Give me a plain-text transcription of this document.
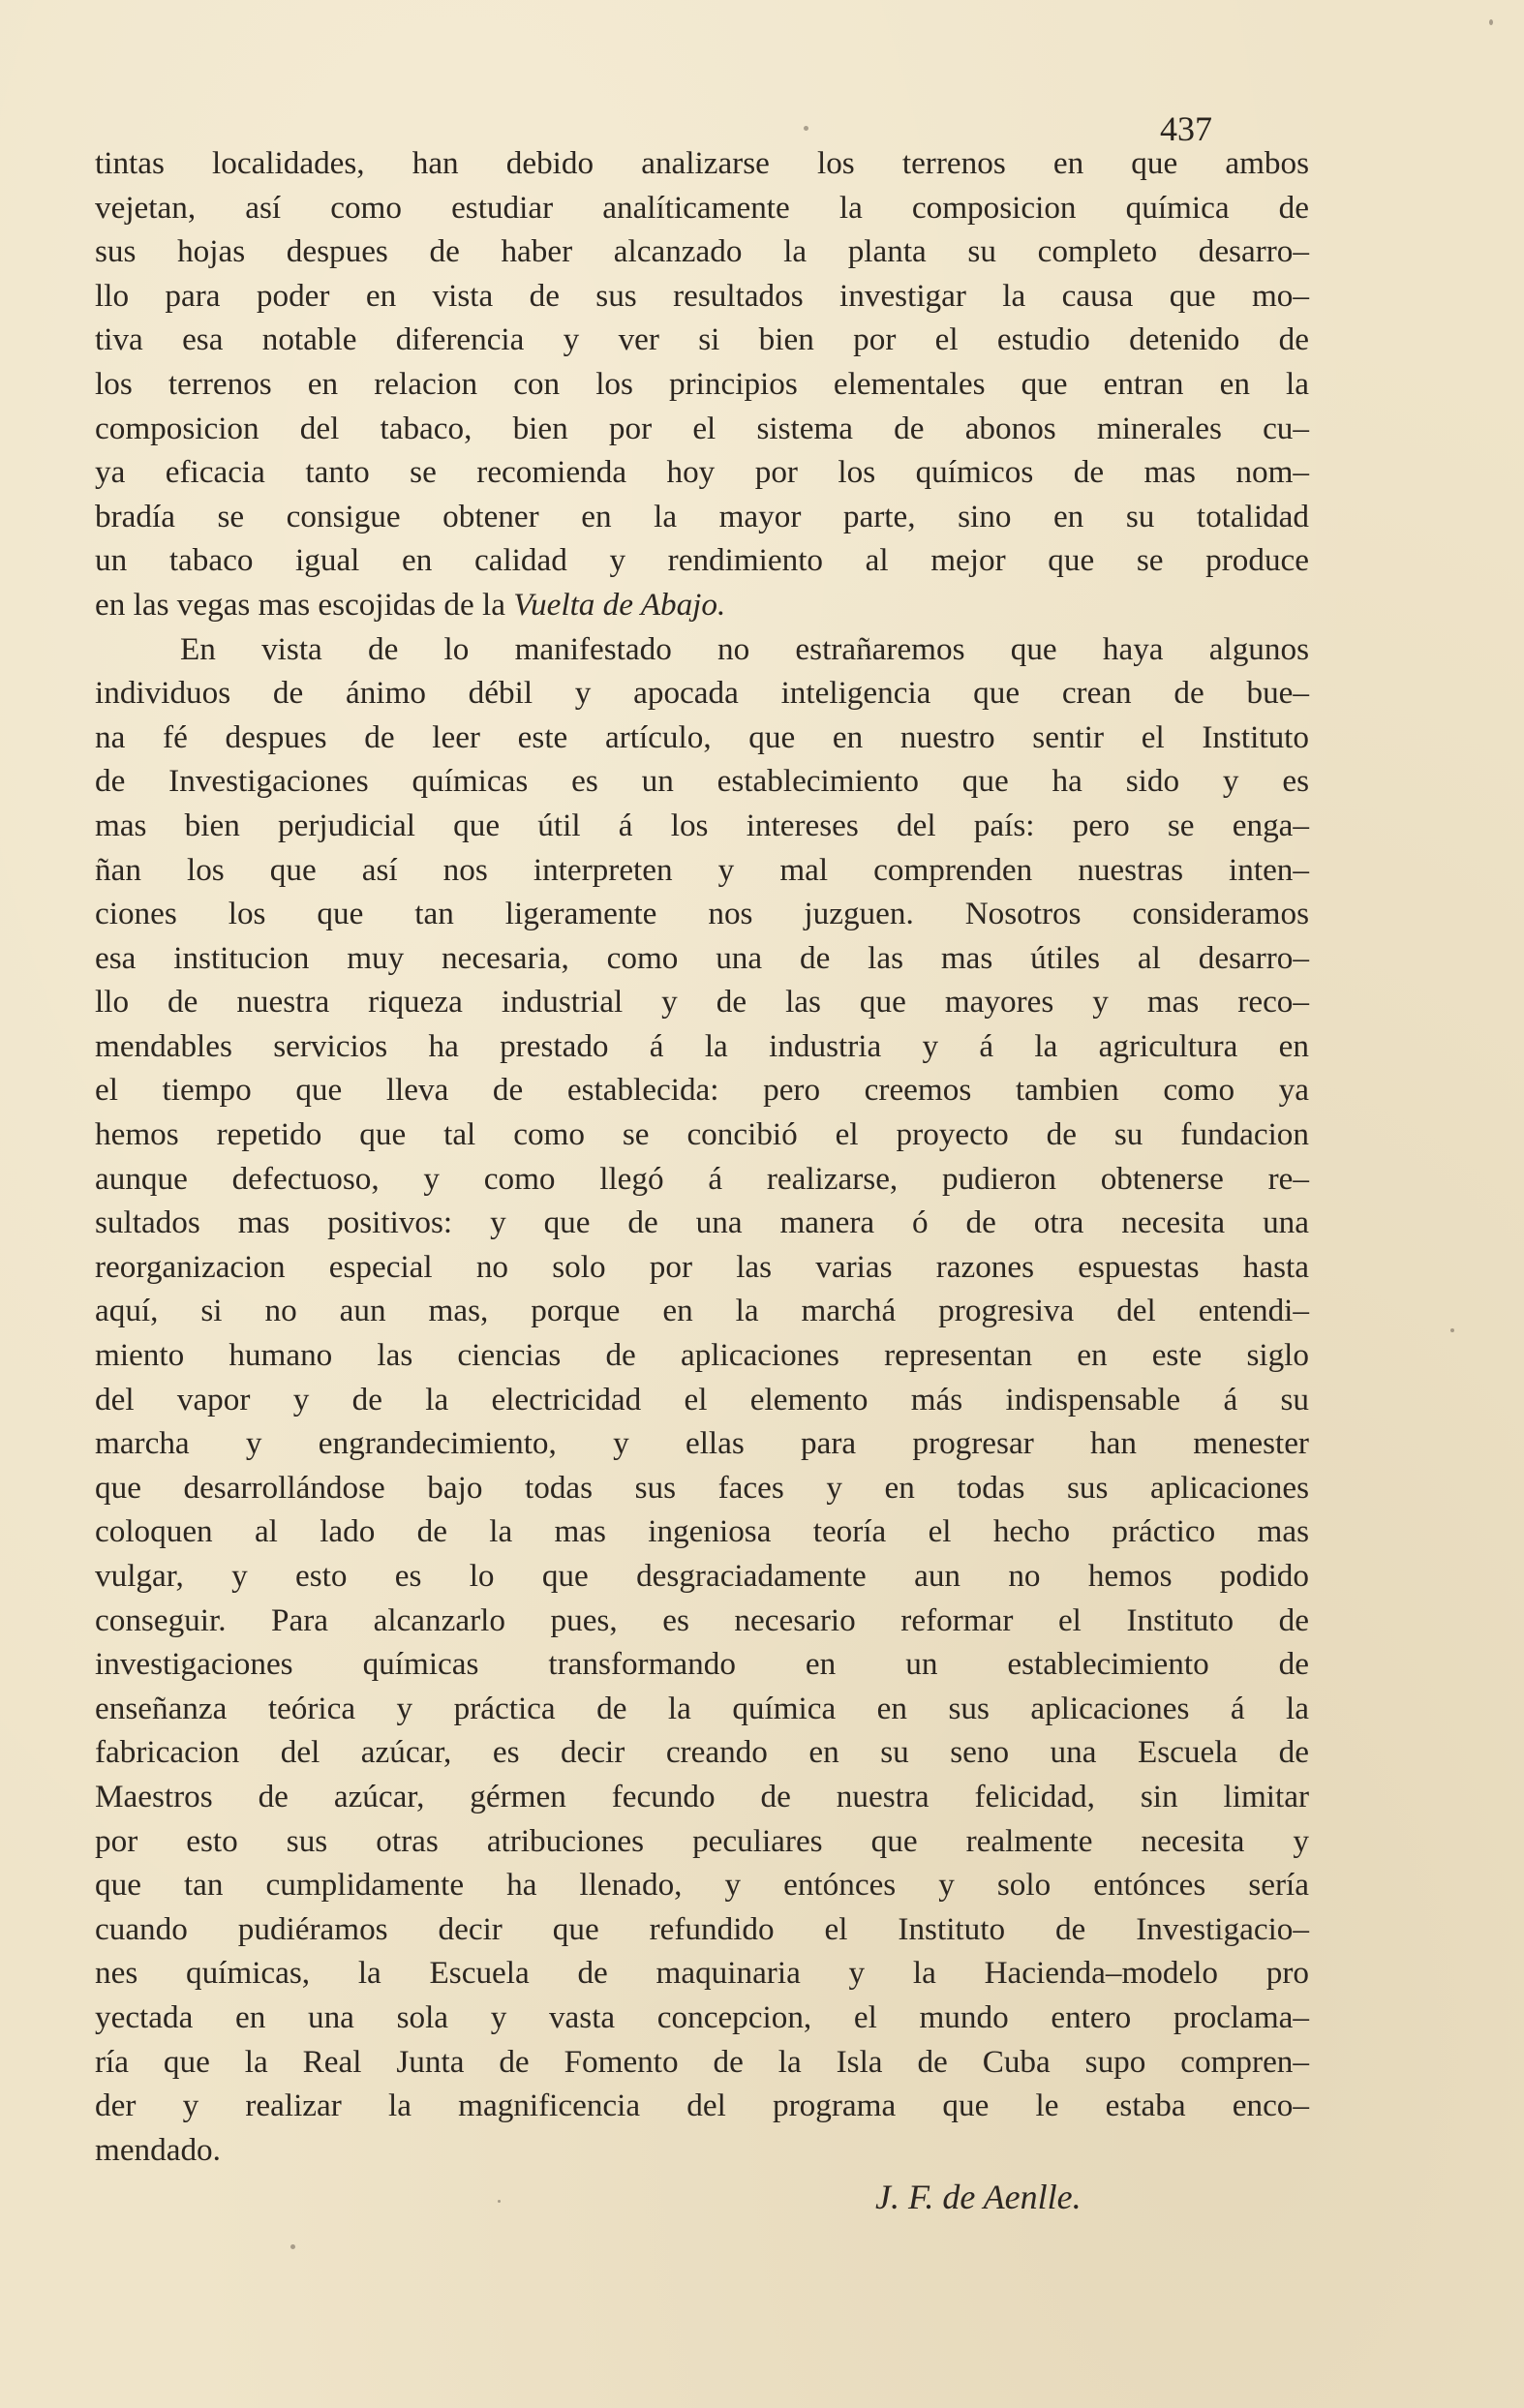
437
tintas localidades, han debido analizarse los terrenos en que ambos
vejetan, así como estudiar analíticamente la composicion química de
sus hojas despues de haber alcanzado la planta su completo desarro–
llo para poder en vista de sus resultados investigar la causa que mo–
tiva esa notable diferencia y ver si bien por el estudio detenido de
los terrenos en relacion con los principios elementales que entran en la
composicion del tabaco, bien por el sistema de abonos minerales cu–
ya eficacia tanto se recomienda hoy por los químicos de mas nom–
bradía se consigue obtener en la mayor parte, sino en su totalidad
un tabaco igual en calidad y rendimiento al mejor que se produce
en las vegas mas escojidas de la Vuelta de Abajo.
En vista de lo manifestado no estrañaremos que haya algunos
individuos de ánimo débil y apocada inteligencia que crean de bue–
na fé despues de leer este artículo, que en nuestro sentir el Instituto
de Investigaciones químicas es un establecimiento que ha sido y es
mas bien perjudicial que útil á los intereses del país: pero se enga–
ñan los que así nos interpreten y mal comprenden nuestras inten–
ciones los que tan ligeramente nos juzguen. Nosotros consideramos
esa institucion muy necesaria, como una de las mas útiles al desarro–
llo de nuestra riqueza industrial y de las que mayores y mas reco–
mendables servicios ha prestado á la industria y á la agricultura en
el tiempo que lleva de establecida: pero creemos tambien como ya
hemos repetido que tal como se concibió el proyecto de su fundacion
aunque defectuoso, y como llegó á realizarse, pudieron obtenerse re–
sultados mas positivos: y que de una manera ó de otra necesita una
reorganizacion especial no solo por las varias razones espuestas hasta
aquí, si no aun mas, porque en la marchá progresiva del entendi–
miento humano las ciencias de aplicaciones representan en este siglo
del vapor y de la electricidad el elemento más indispensable á su
marcha y engrandecimiento, y ellas para progresar han menester
que desarrollándose bajo todas sus faces y en todas sus aplicaciones
coloquen al lado de la mas ingeniosa teoría el hecho práctico mas
vulgar, y esto es lo que desgraciadamente aun no hemos podido
conseguir. Para alcanzarlo pues, es necesario reformar el Instituto de
investigaciones químicas transformando en un establecimiento de
enseñanza teórica y práctica de la química en sus aplicaciones á la
fabricacion del azúcar, es decir creando en su seno una Escuela de
Maestros de azúcar, gérmen fecundo de nuestra felicidad, sin limitar
por esto sus otras atribuciones peculiares que realmente necesita y
que tan cumplidamente ha llenado, y entónces y solo entónces sería
cuando pudiéramos decir que refundido el Instituto de Investigacio–
nes químicas, la Escuela de maquinaria y la Hacienda–modelo pro
yectada en una sola y vasta concepcion, el mundo entero proclama–
ría que la Real Junta de Fomento de la Isla de Cuba supo compren–
der y realizar la magnificencia del programa que le estaba enco–
mendado.
J. F. de Aenlle.
